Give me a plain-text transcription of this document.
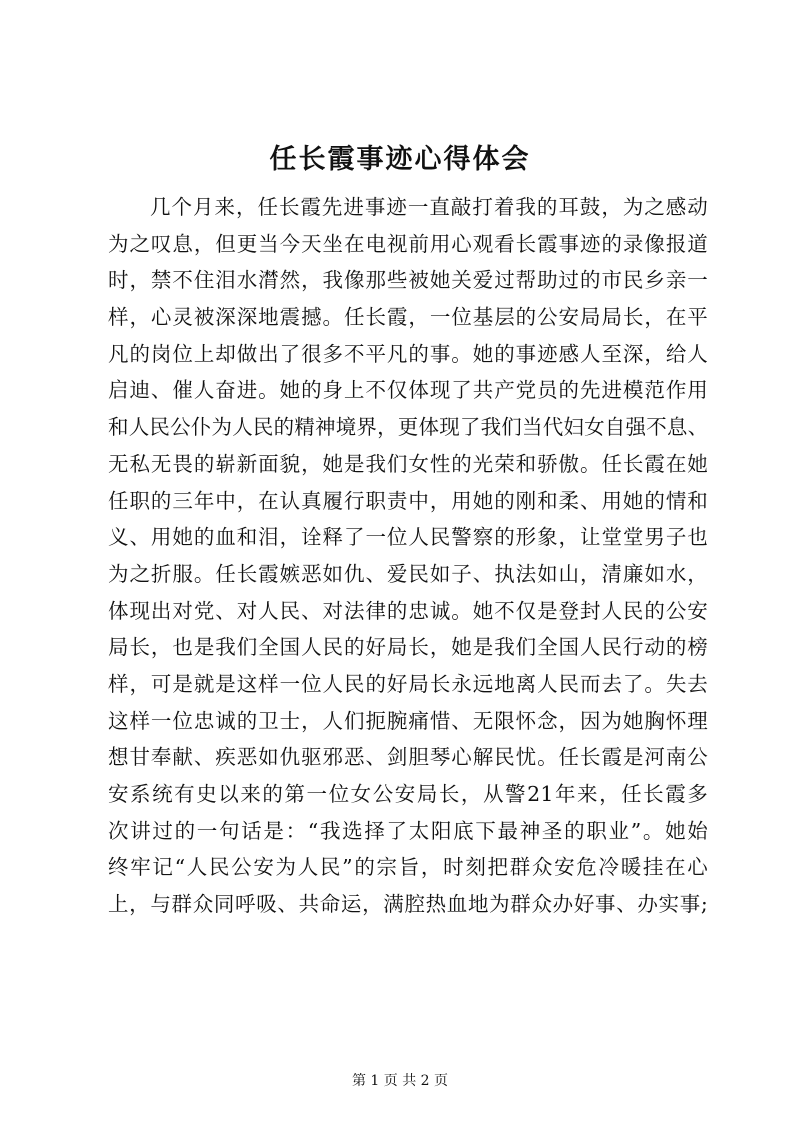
任长霞事迹心得体会
几个月来，任长霞先进事迹一直敲打着我的耳鼓，为之感动
为之叹息，但更当今天坐在电视前用心观看长霞事迹的录像报道
时，禁不住泪水潸然，我像那些被她关爱过帮助过的市民乡亲一
样，心灵被深深地震撼。任长霞，一位基层的公安局局长，在平
凡的岗位上却做出了很多不平凡的事。她的事迹感人至深，给人
启迪、催人奋进。她的身上不仅体现了共产党员的先进模范作用
和人民公仆为人民的精神境界，更体现了我们当代妇女自强不息、
无私无畏的崭新面貌，她是我们女性的光荣和骄傲。任长霞在她
任职的三年中，在认真履行职责中，用她的刚和柔、用她的情和
义、用她的血和泪，诠释了一位人民警察的形象，让堂堂男子也
为之折服。任长霞嫉恶如仇、爱民如子、执法如山，清廉如水，
体现出对党、对人民、对法律的忠诚。她不仅是登封人民的公安
局长，也是我们全国人民的好局长，她是我们全国人民行动的榜
样，可是就是这样一位人民的好局长永远地离人民而去了。失去
这样一位忠诚的卫士，人们扼腕痛惜、无限怀念，因为她胸怀理
想甘奉献、疾恶如仇驱邪恶、剑胆琴心解民忧。任长霞是河南公
安系统有史以来的第一位女公安局长，从警21年来，任长霞多
次讲过的一句话是：“我选择了太阳底下最神圣的职业”。她始
终牢记“人民公安为人民”的宗旨，时刻把群众安危冷暖挂在心
上，与群众同呼吸、共命运，满腔热血地为群众办好事、办实事;
第 1 页 共 2 页
